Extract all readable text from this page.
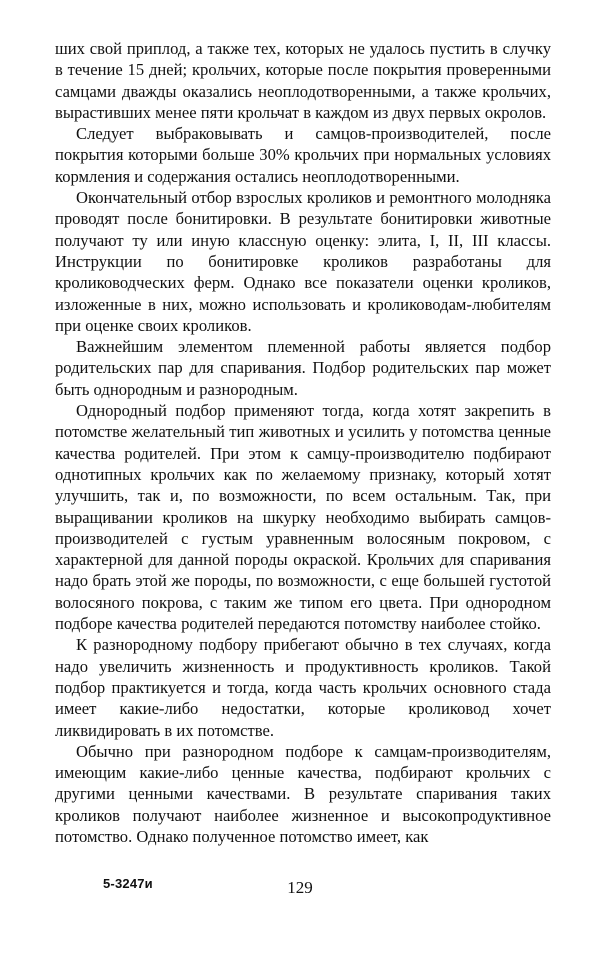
ших свой приплод, а также тех, которых не удалось пустить в случку в течение 15 дней; крольчих, которые после покрытия проверенными самцами дважды оказались неоплодотворенными, а также крольчих, вырастивших менее пяти крольчат в каждом из двух первых окролов.

Следует выбраковывать и самцов-производителей, после покрытия которыми больше 30% крольчих при нормальных условиях кормления и содержания остались неоплодотворенными.

Окончательный отбор взрослых кроликов и ремонтного молодняка проводят после бонитировки. В результате бонитировки животные получают ту или иную классную оценку: элита, I, II, III классы. Инструкции по бонитировке кроликов разработаны для кролиководческих ферм. Однако все показатели оценки кроликов, изложенные в них, можно использовать и кролиководам-любителям при оценке своих кроликов.

Важнейшим элементом племенной работы является подбор родительских пар для спаривания. Подбор родительских пар может быть однородным и разнородным.

Однородный подбор применяют тогда, когда хотят закрепить в потомстве желательный тип животных и усилить у потомства ценные качества родителей. При этом к самцу-производителю подбирают однотипных крольчих как по желаемому признаку, который хотят улучшить, так и, по возможности, по всем остальным. Так, при выращивании кроликов на шкурку необходимо выбирать самцов-производителей с густым уравненным волосяным покровом, с характерной для данной породы окраской. Крольчих для спаривания надо брать этой же породы, по возможности, с еще большей густотой волосяного покрова, с таким же типом его цвета. При однородном подборе качества родителей передаются потомству наиболее стойко.

К разнородному подбору прибегают обычно в тех случаях, когда надо увеличить жизненность и продуктивность кроликов. Такой подбор практикуется и тогда, когда часть крольчих основного стада имеет какие-либо недостатки, которые кроликовод хочет ликвидировать в их потомстве.

Обычно при разнородном подборе к самцам-производителям, имеющим какие-либо ценные качества, подбирают крольчих с другими ценными качествами. В результате спаривания таких кроликов получают наиболее жизненное и высокопродуктивное потомство. Однако полученное потомство имеет, как

5-3247и	129
